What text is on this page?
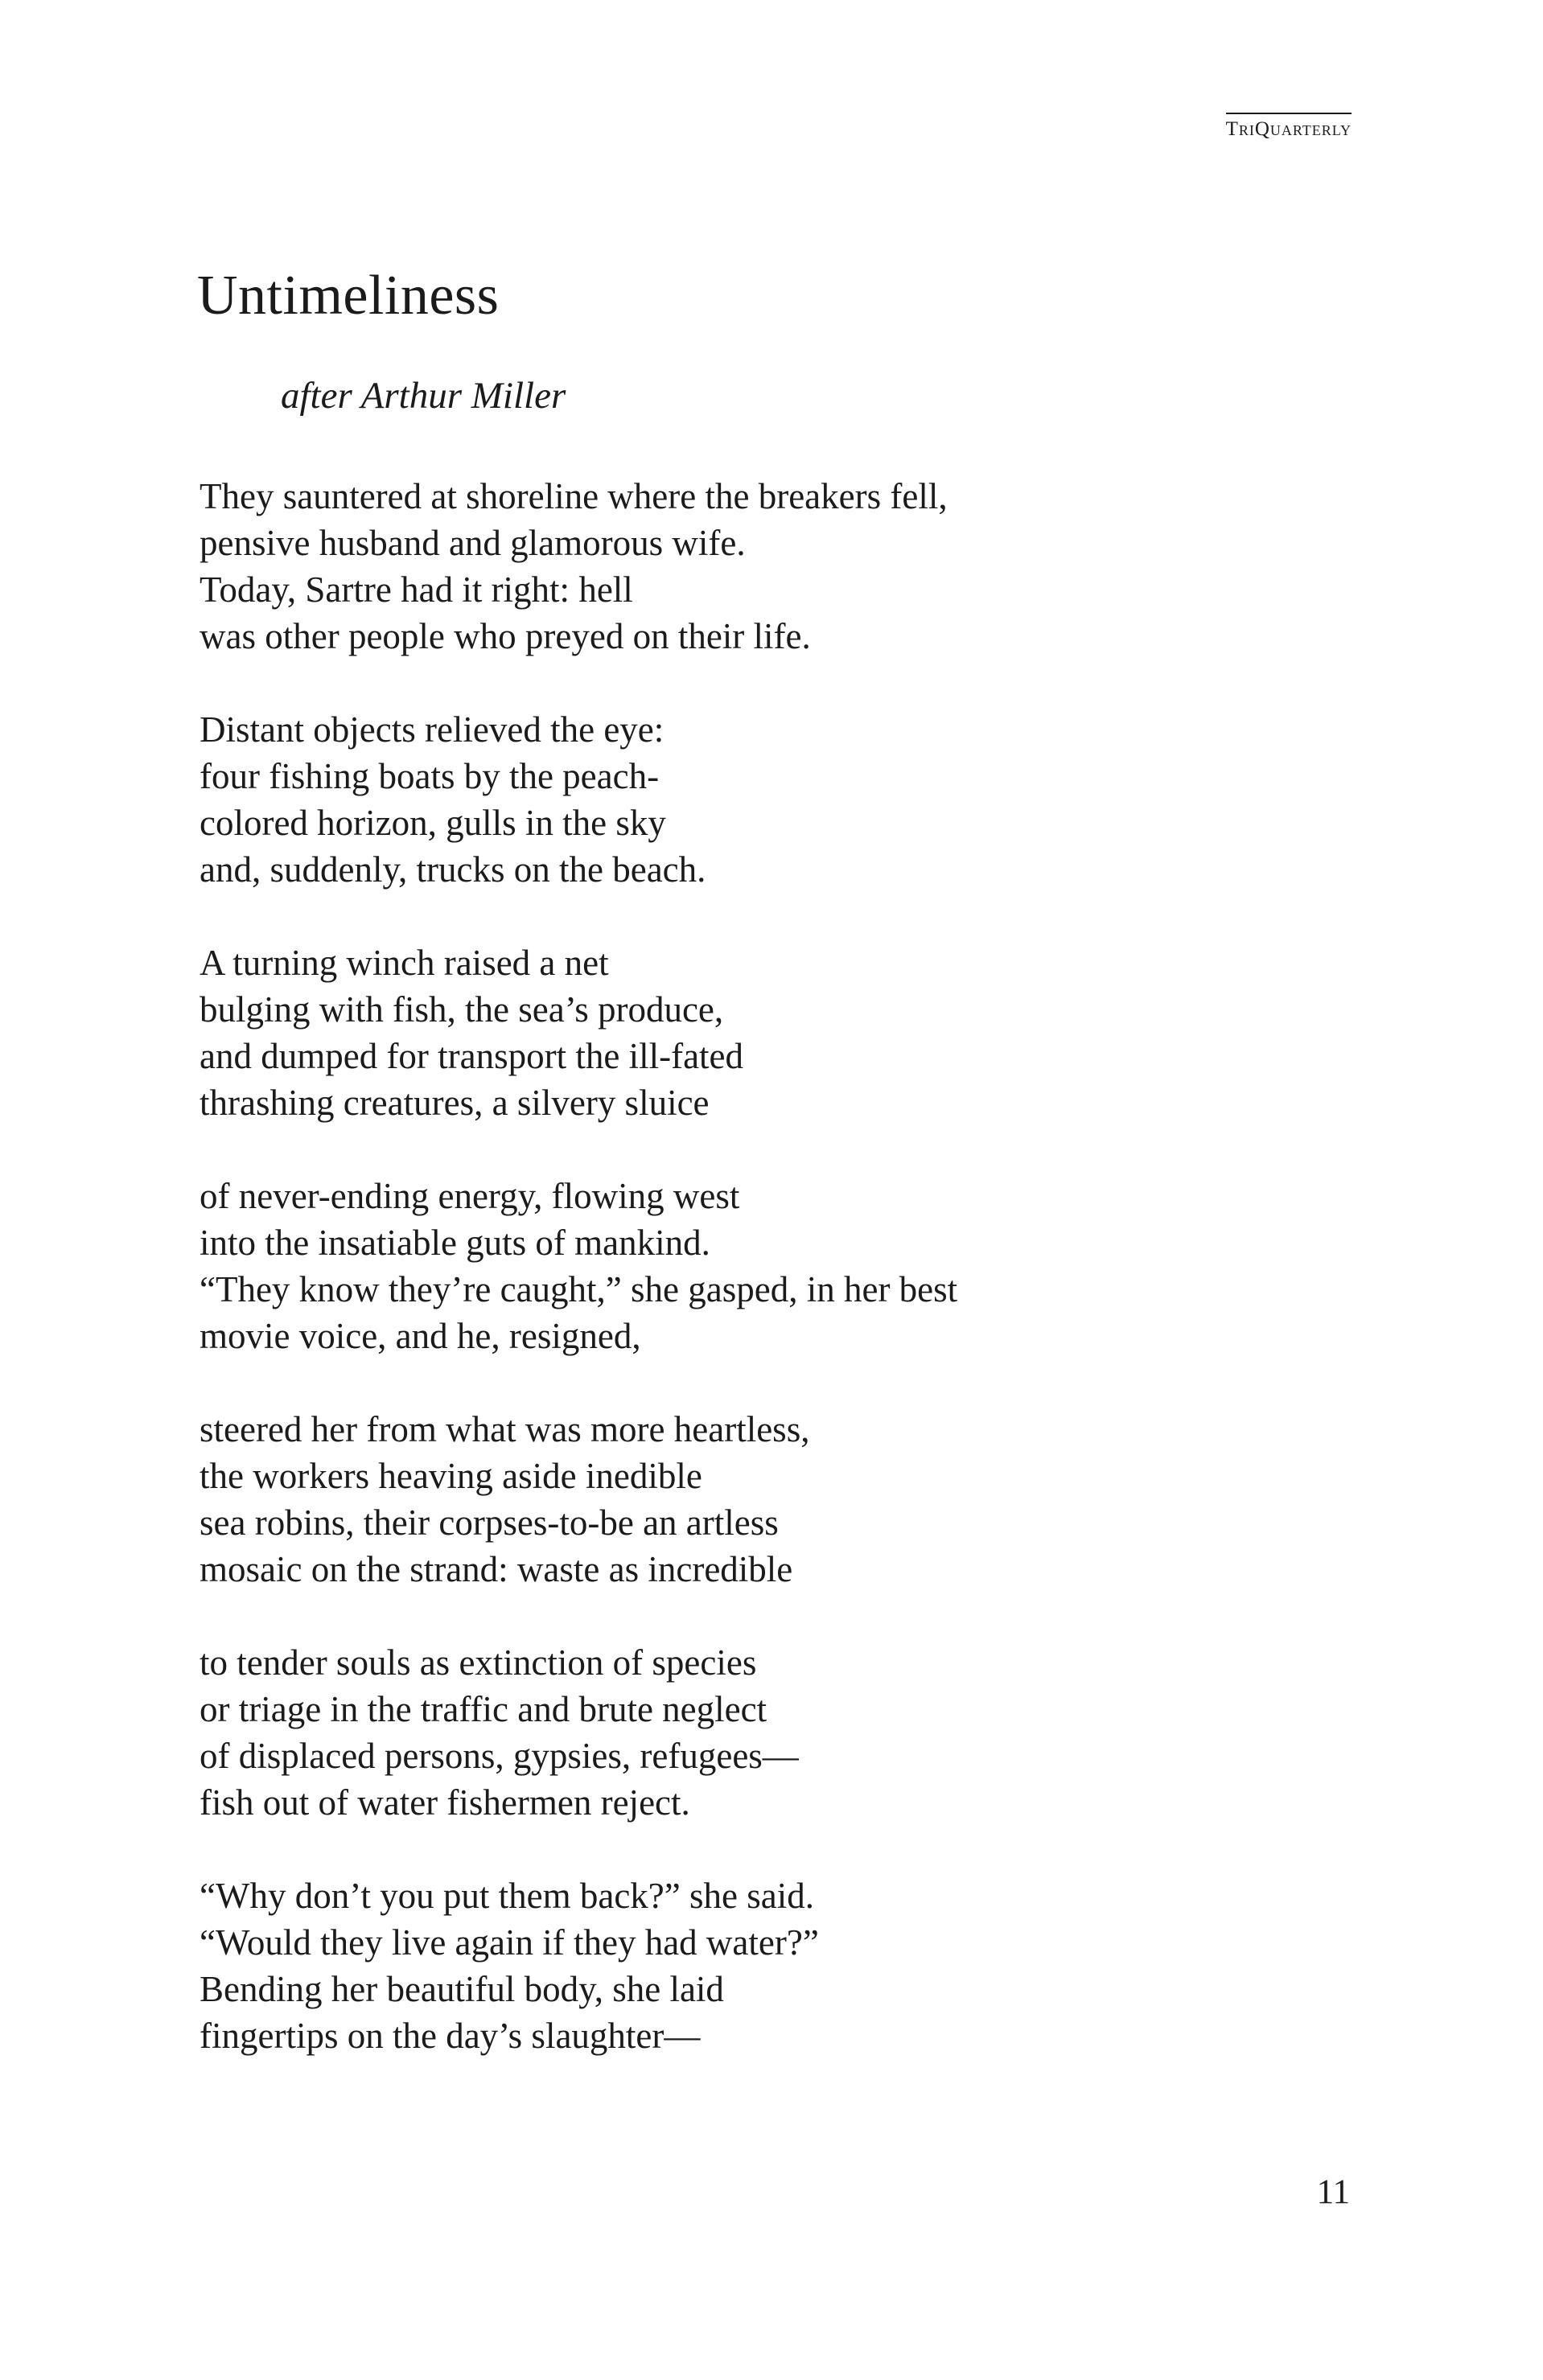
TriQuarterly
Untimeliness
after Arthur Miller
They sauntered at shoreline where the breakers fell,
pensive husband and glamorous wife.
Today, Sartre had it right: hell
was other people who preyed on their life.
Distant objects relieved the eye:
four fishing boats by the peach-
colored horizon, gulls in the sky
and, suddenly, trucks on the beach.
A turning winch raised a net
bulging with fish, the sea’s produce,
and dumped for transport the ill-fated
thrashing creatures, a silvery sluice
of never-ending energy, flowing west
into the insatiable guts of mankind.
“They know they’re caught,” she gasped, in her best
movie voice, and he, resigned,
steered her from what was more heartless,
the workers heaving aside inedible
sea robins, their corpses-to-be an artless
mosaic on the strand: waste as incredible
to tender souls as extinction of species
or triage in the traffic and brute neglect
of displaced persons, gypsies, refugees—
fish out of water fishermen reject.
“Why don’t you put them back?” she said.
“Would they live again if they had water?”
Bending her beautiful body, she laid
fingertips on the day’s slaughter—
11
